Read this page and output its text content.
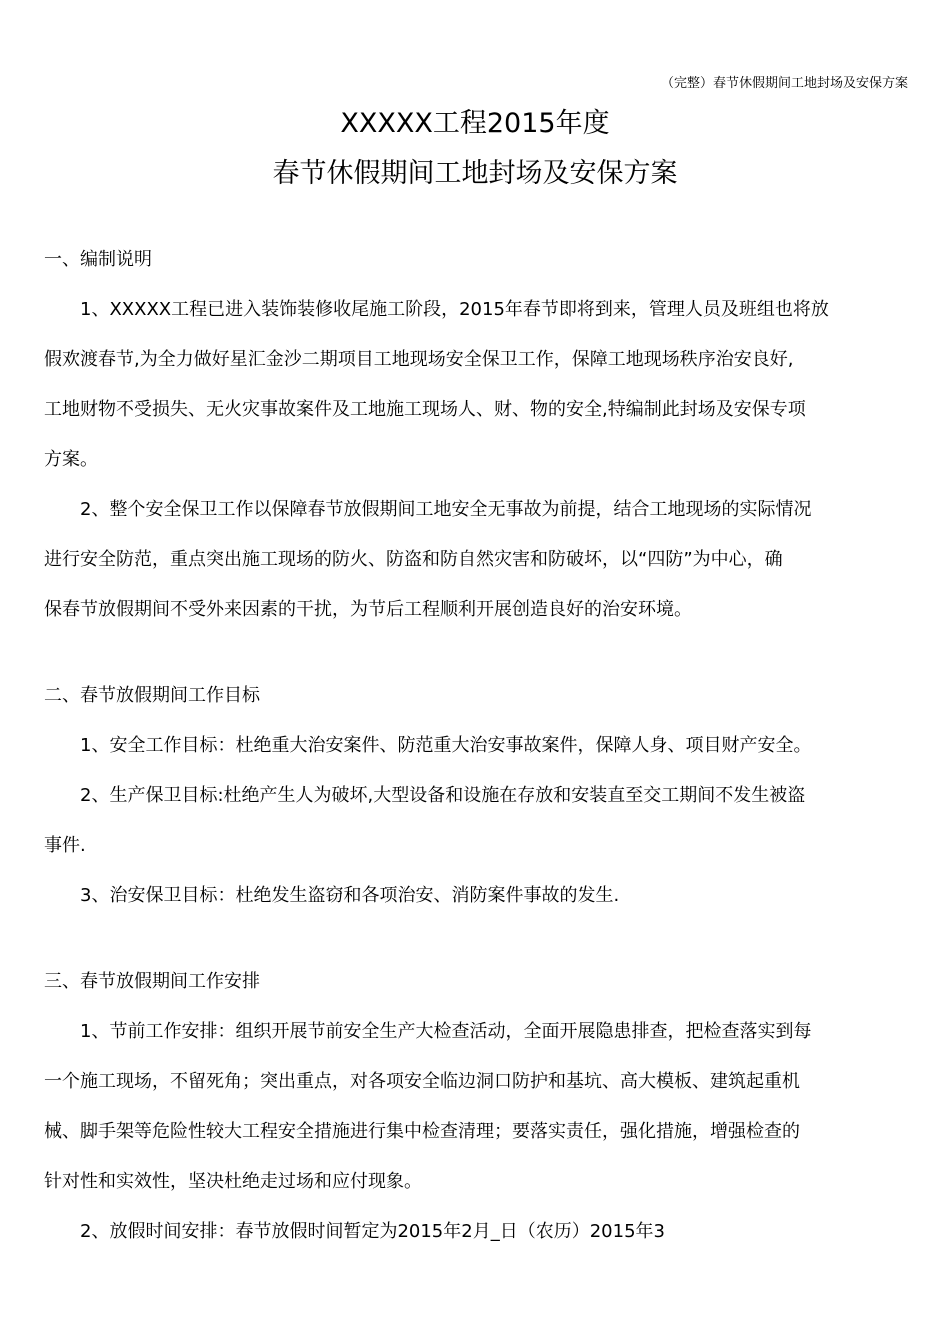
（完整）春节休假期间工地封场及安保方案
XXXXX工程2015年度
春节休假期间工地封场及安保方案
一、编制说明
1、XXXXX工程已进入装饰装修收尾施工阶段，2015年春节即将到来，管理人员及班组也将放
假欢渡春节,为全力做好星汇金沙二期项目工地现场安全保卫工作，保障工地现场秩序治安良好,
工地财物不受损失、无火灾事故案件及工地施工现场人、财、物的安全,特编制此封场及安保专项
方案。
2、整个安全保卫工作以保障春节放假期间工地安全无事故为前提，结合工地现场的实际情况
进行安全防范，重点突出施工现场的防火、防盗和防自然灾害和防破坏，以“四防”为中心，确
保春节放假期间不受外来因素的干扰，为节后工程顺利开展创造良好的治安环境。
二、春节放假期间工作目标
1、安全工作目标：杜绝重大治安案件、防范重大治安事故案件，保障人身、项目财产安全。
2、生产保卫目标:杜绝产生人为破坏,大型设备和设施在存放和安装直至交工期间不发生被盗
事件.
3、治安保卫目标：杜绝发生盗窃和各项治安、消防案件事故的发生.
三、春节放假期间工作安排
1、节前工作安排：组织开展节前安全生产大检查活动，全面开展隐患排查，把检查落实到每
一个施工现场，不留死角；突出重点，对各项安全临边洞口防护和基坑、高大模板、建筑起重机
械、脚手架等危险性较大工程安全措施进行集中检查清理；要落实责任，强化措施，增强检查的
针对性和实效性，坚决杜绝走过场和应付现象。
2、放假时间安排：春节放假时间暂定为2015年2月_日（农历）2015年3
